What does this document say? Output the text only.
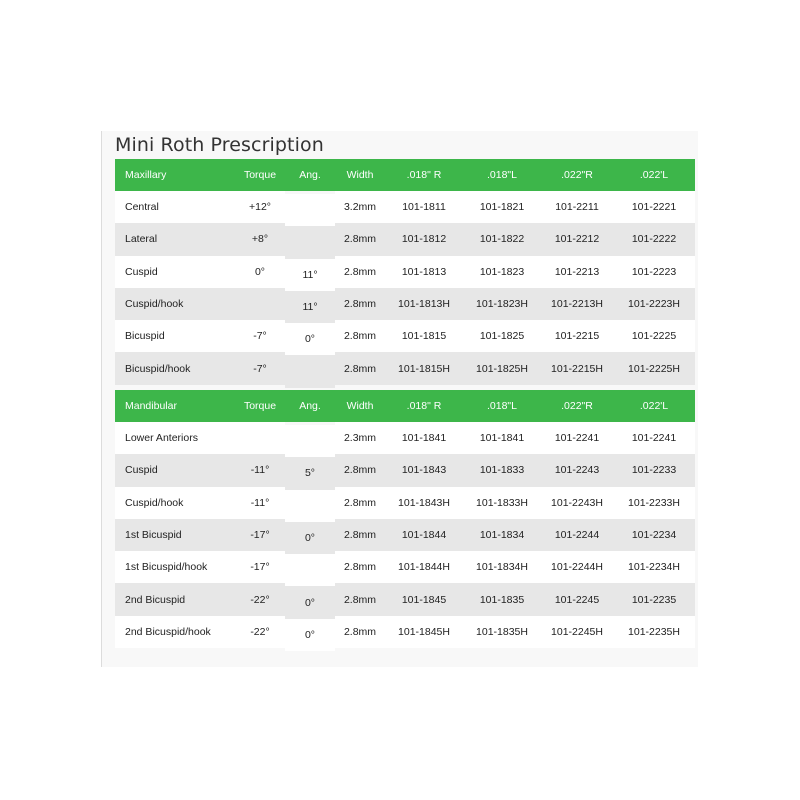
Mini Roth Prescription
Maxillary	Torque	Ang.	Width	.018" R	.018"L	.022"R	.022'L
Central	+12°		3.2mm	101-1811	101-1821	101-2211	101-2221
Lateral	+8°		2.8mm	101-1812	101-1822	101-2212	101-2222
Cuspid	0°	11°	2.8mm	101-1813	101-1823	101-2213	101-2223
Cuspid/hook		11°	2.8mm	101-1813H	101-1823H	101-2213H	101-2223H
Bicuspid	-7°	0°	2.8mm	101-1815	101-1825	101-2215	101-2225
Bicuspid/hook	-7°		2.8mm	101-1815H	101-1825H	101-2215H	101-2225H
Mandibular	Torque	Ang.	Width	.018" R	.018"L	.022"R	.022'L
Lower Anteriors			2.3mm	101-1841	101-1841	101-2241	101-2241
Cuspid	-11°	5°	2.8mm	101-1843	101-1833	101-2243	101-2233
Cuspid/hook	-11°		2.8mm	101-1843H	101-1833H	101-2243H	101-2233H
1st Bicuspid	-17°	0°	2.8mm	101-1844	101-1834	101-2244	101-2234
1st Bicuspid/hook	-17°		2.8mm	101-1844H	101-1834H	101-2244H	101-2234H
2nd Bicuspid	-22°	0°	2.8mm	101-1845	101-1835	101-2245	101-2235
2nd Bicuspid/hook	-22°	0°	2.8mm	101-1845H	101-1835H	101-2245H	101-2235H
